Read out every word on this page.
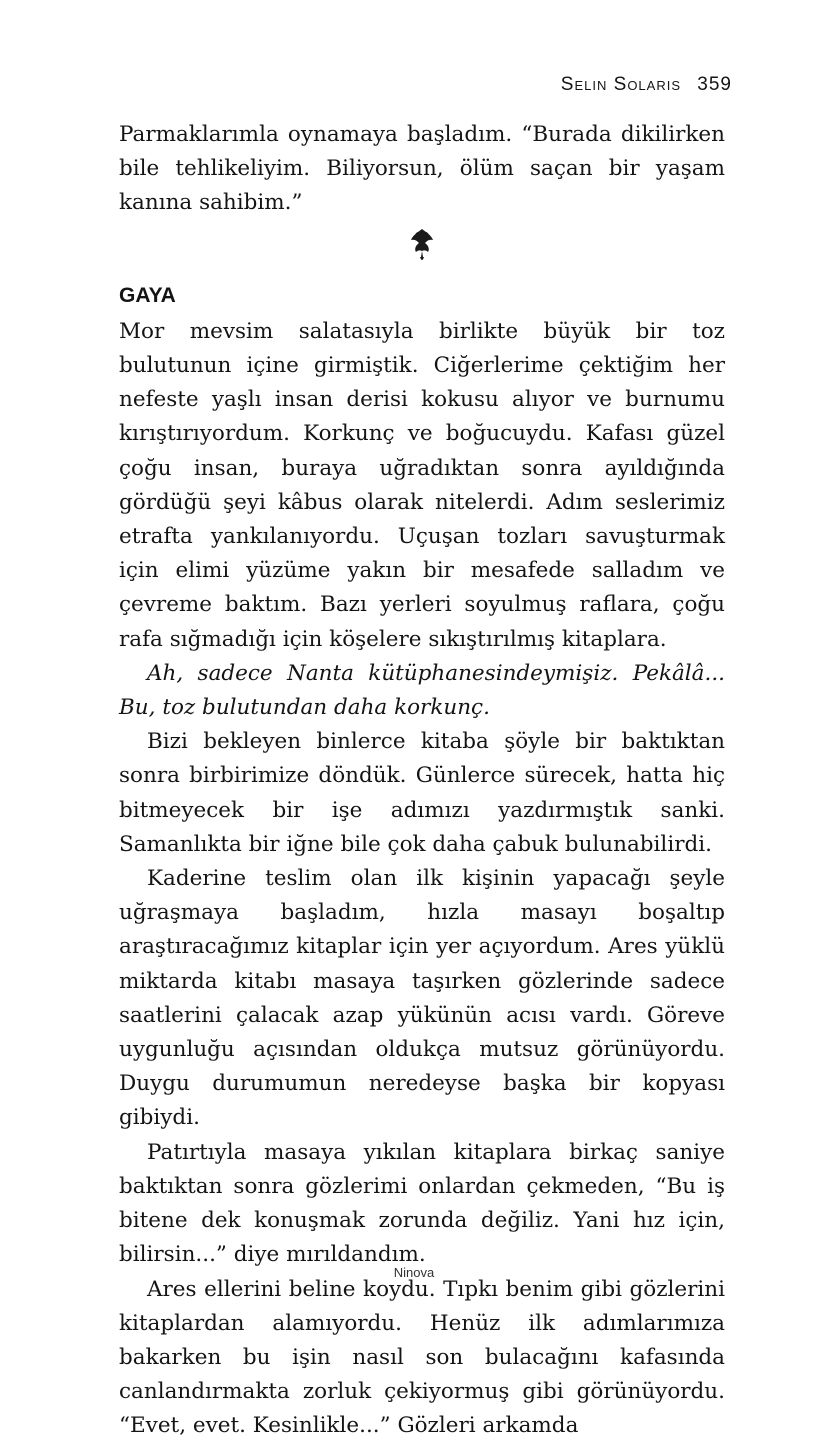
Selin Solaris 359

Parmaklarımla oynamaya başladım. “Burada dikilirken bile tehlikeliyim. Biliyorsun, ölüm saçan bir yaşam kanına sahibim.”

GAYA

Mor mevsim salatasıyla birlikte büyük bir toz bulutunun içine girmiştik. Ciğerlerime çektiğim her nefeste yaşlı insan derisi kokusu alıyor ve burnumu kırıştırıyordum. Korkunç ve boğucuydu. Kafası güzel çoğu insan, buraya uğradıktan sonra ayıldığında gördüğü şeyi kâbus olarak nitelerdi. Adım seslerimiz etrafta yankılanıyordu. Uçuşan tozları savuşturmak için elimi yüzüme yakın bir mesafede salladım ve çevreme baktım. Bazı yerleri soyulmuş raflara, çoğu rafa sığmadığı için köşelere sıkıştırılmış kitaplara.

Ah, sadece Nanta kütüphanesindeymişiz. Pekâlâ... Bu, toz bulutundan daha korkunç.

Bizi bekleyen binlerce kitaba şöyle bir baktıktan sonra birbirimize döndük. Günlerce sürecek, hatta hiç bitmeyecek bir işe adımızı yazdırmıştık sanki. Samanlıkta bir iğne bile çok daha çabuk bulunabilirdi.

Kaderine teslim olan ilk kişinin yapacağı şeyle uğraşmaya başladım, hızla masayı boşaltıp araştıracağımız kitaplar için yer açıyordum. Ares yüklü miktarda kitabı masaya taşırken gözlerinde sadece saatlerini çalacak azap yükünün acısı vardı. Göreve uygunluğu açısından oldukça mutsuz görünüyordu. Duygu durumumun neredeyse başka bir kopyası gibiydi.

Patırtıyla masaya yıkılan kitaplara birkaç saniye baktıktan sonra gözlerimi onlardan çekmeden, “Bu iş bitene dek konuşmak zorunda değiliz. Yani hız için, bilirsin...” diye mırıldandım.

Ares ellerini beline koydu. Tıpkı benim gibi gözlerini kitaplardan alamıyordu. Henüz ilk adımlarımıza bakarken bu işin nasıl son bulacağını kafasında canlandırmakta zorluk çekiyormuş gibi görünüyordu. “Evet, evet. Kesinlikle...” Gözleri arkamda

Ninova
